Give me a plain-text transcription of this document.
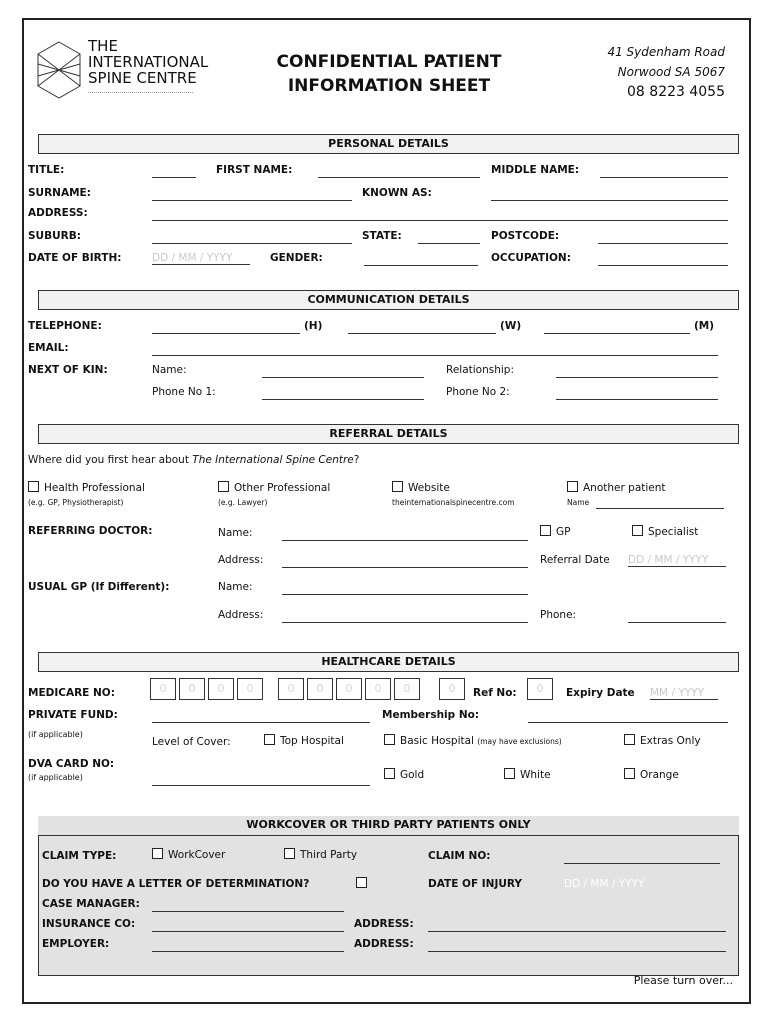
THE
INTERNATIONAL
SPINE CENTRE
CONFIDENTIAL PATIENT
INFORMATION SHEET
41 Sydenham Road
Norwood SA 5067
08 8223 4055
PERSONAL DETAILS
TITLE:	FIRST NAME:	MIDDLE NAME:
SURNAME:	KNOWN AS:
ADDRESS:
SUBURB:	STATE:	POSTCODE:
DATE OF BIRTH:	DD / MM / YYYY	GENDER:	OCCUPATION:
COMMUNICATION DETAILS
TELEPHONE:	(H)	(W)	(M)
EMAIL:
NEXT OF KIN:	Name:	Relationship:
Phone No 1:	Phone No 2:
REFERRAL DETAILS
Where did you first hear about The International Spine Centre?
Health Professional
(e.g. GP, Physiotherapist)
Other Professional
(e.g. Lawyer)
Website
theinternationalspinecentre.com
Another patient
Name
REFERRING DOCTOR:	Name:	GP	Specialist
Address:	Referral Date DD / MM / YYYY
USUAL GP (If Different):	Name:
Address:	Phone:
HEALTHCARE DETAILS
MEDICARE NO:	0	0	0	0	0	0	0	0	0	0	Ref No:	0	Expiry Date MM / YYYY
PRIVATE FUND:	Membership No:
(if applicable)
Level of Cover:	Top Hospital	Basic Hospital (may have exclusions)	Extras Only
DVA CARD NO:
(if applicable)	Gold	White	Orange
WORKCOVER OR THIRD PARTY PATIENTS ONLY
CLAIM TYPE:	WorkCover	Third Party	CLAIM NO:
DO YOU HAVE A LETTER OF DETERMINATION?	DATE OF INJURY	DD / MM / YYYY
CASE MANAGER:
INSURANCE CO:	ADDRESS:
EMPLOYER:	ADDRESS:
Please turn over...
